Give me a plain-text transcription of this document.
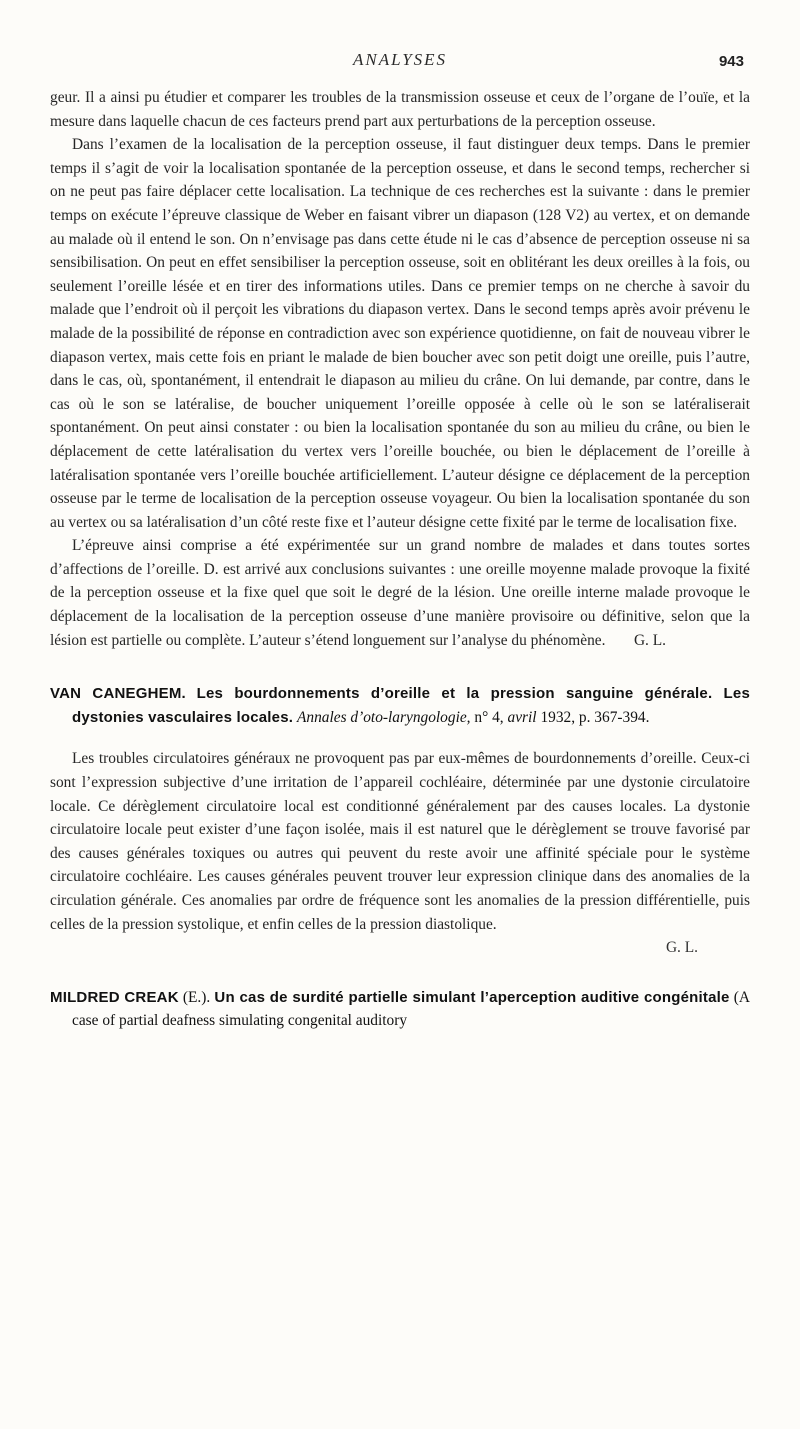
ANALYSES	943

geur. Il a ainsi pu étudier et comparer les troubles de la transmission osseuse et ceux de l’organe de l’ouïe, et la mesure dans laquelle chacun de ces facteurs prend part aux perturbations de la perception osseuse.

Dans l’examen de la localisation de la perception osseuse, il faut distinguer deux temps. Dans le premier temps il s’agit de voir la localisation spontanée de la perception osseuse, et dans le second temps, rechercher si on ne peut pas faire déplacer cette localisation. La technique de ces recherches est la suivante : dans le premier temps on exécute l’épreuve classique de Weber en faisant vibrer un diapason (128 V2) au vertex, et on demande au malade où il entend le son. On n’envisage pas dans cette étude ni le cas d’absence de perception osseuse ni sa sensibilisation. On peut en effet sensibiliser la perception osseuse, soit en oblitérant les deux oreilles à la fois, ou seulement l’oreille lésée et en tirer des informations utiles. Dans ce premier temps on ne cherche à savoir du malade que l’endroit où il perçoit les vibrations du diapason vertex. Dans le second temps après avoir prévenu le malade de la possibilité de réponse en contradiction avec son expérience quotidienne, on fait de nouveau vibrer le diapason vertex, mais cette fois en priant le malade de bien boucher avec son petit doigt une oreille, puis l’autre, dans le cas, où, spontanément, il entendrait le diapason au milieu du crâne. On lui demande, par contre, dans le cas où le son se latéralise, de boucher uniquement l’oreille opposée à celle où le son se latéraliserait spontanément. On peut ainsi constater : ou bien la localisation spontanée du son au milieu du crâne, ou bien le déplacement de cette latéralisation du vertex vers l’oreille bouchée, ou bien le déplacement de l’oreille à latéralisation spontanée vers l’oreille bouchée artificiellement. L’auteur désigne ce déplacement de la perception osseuse par le terme de localisation de la perception osseuse voyageur. Ou bien la localisation spontanée du son au vertex ou sa latéralisation d’un côté reste fixe et l’auteur désigne cette fixité par le terme de localisation fixe.

L’épreuve ainsi comprise a été expérimentée sur un grand nombre de malades et dans toutes sortes d’affections de l’oreille. D. est arrivé aux conclusions suivantes : une oreille moyenne malade provoque la fixité de la perception osseuse et la fixe quel que soit le degré de la lésion. Une oreille interne malade provoque le déplacement de la localisation de la perception osseuse d’une manière provisoire ou définitive, selon que la lésion est partielle ou complète. L’auteur s’étend longuement sur l’analyse du phénomène.	G. L.

VAN CANEGHEM. Les bourdonnements d’oreille et la pression sanguine générale. Les dystonies vasculaires locales. Annales d’oto-laryngologie, n° 4, avril 1932, p. 367-394.

Les troubles circulatoires généraux ne provoquent pas par eux-mêmes de bourdonnements d’oreille. Ceux-ci sont l’expression subjective d’une irritation de l’appareil cochléaire, déterminée par une dystonie circulatoire locale. Ce dérèglement circulatoire local est conditionné généralement par des causes locales. La dystonie circulatoire locale peut exister d’une façon isolée, mais il est naturel que le dérèglement se trouve favorisé par des causes générales toxiques ou autres qui peuvent du reste avoir une affinité spéciale pour le système circulatoire cochléaire. Les causes générales peuvent trouver leur expression clinique dans des anomalies de la circulation générale. Ces anomalies par ordre de fréquence sont les anomalies de la pression différentielle, puis celles de la pression systolique, et enfin celles de la pression diastolique.

G. L.
MILDRED CREAK (E.). Un cas de surdité partielle simulant l’aperception auditive congénitale (A case of partial deafness simulating congenital auditory
